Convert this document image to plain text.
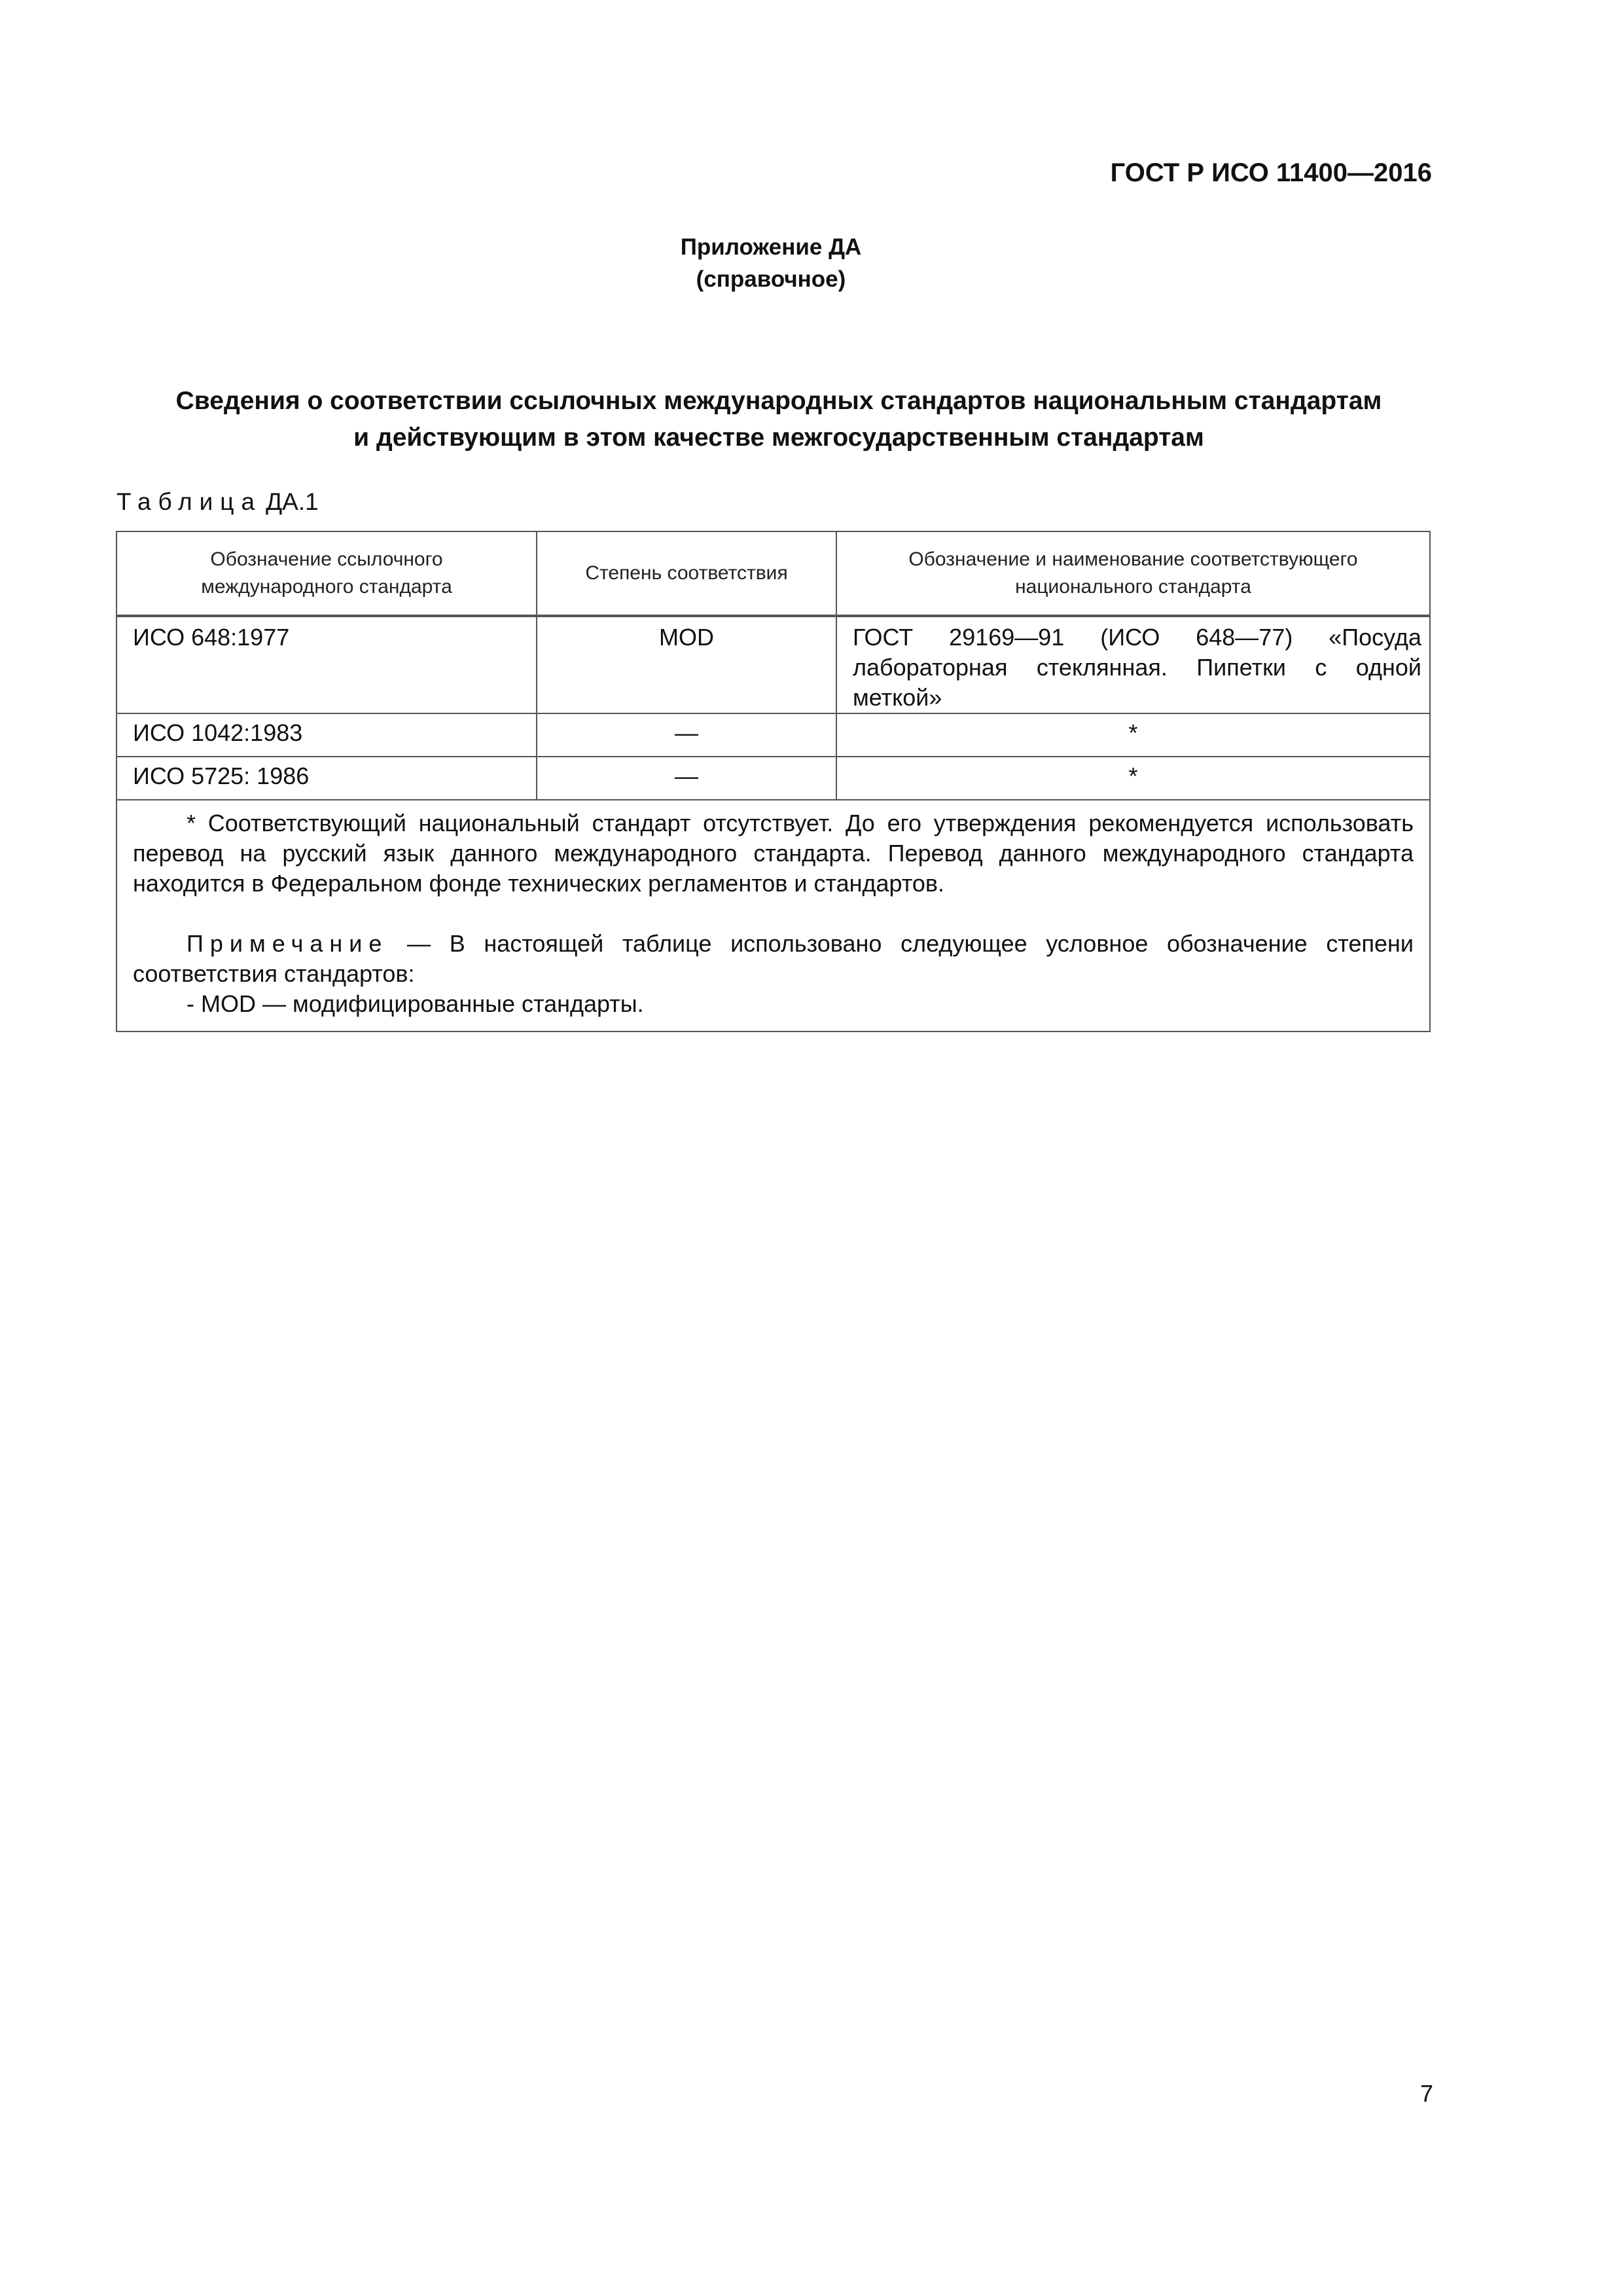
ГОСТ Р ИСО 11400—2016
Приложение ДА
(справочное)
Сведения о соответствии ссылочных международных стандартов национальным стандартам
и действующим в этом качестве межгосударственным стандартам
Таблица ДА.1
Обозначение ссылочного международного стандарта	Степень соответствия	Обозначение и наименование соответствующего национального стандарта
ИСО 648:1977	MOD	ГОСТ 29169—91 (ИСО 648—77) «Посуда лабораторная стеклянная. Пипетки с одной меткой»
ИСО 1042:1983	—	*
ИСО 5725: 1986	—	*

* Соответствующий национальный стандарт отсутствует. До его утверждения рекомендуется использовать перевод на русский язык данного международного стандарта. Перевод данного международного стандарта находится в Федеральном фонде технических регламентов и стандартов.

Примечание — В настоящей таблице использовано следующее условное обозначение степени соответствия стандартов:

- MOD — модифицированные стандарты.		

7
